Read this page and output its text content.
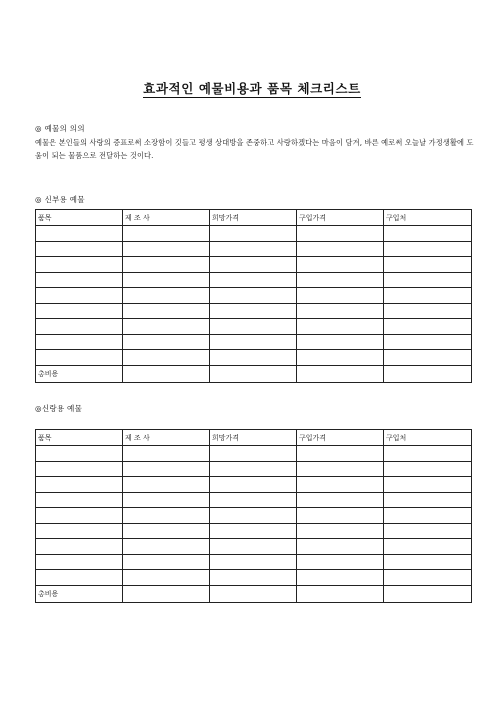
효과적인 예물비용과 품목 체크리스트
◎ 예물의 의의
예물은 본인들의 사랑의 증표로써 소장함이 깃들고 평생 상대방을 존중하고 사랑하겠다는 마음이 담겨, 바른 예로써 오늘날 가정생활에 도움이 되는 물품으로 전달하는 것이다.
◎ 신부용 예물
품목	제 조 사	희망가격	구입가격	구입처

총비용				
◎신랑용 예물
품목	제 조 사	희망가격	구입가격	구입처

총비용				
